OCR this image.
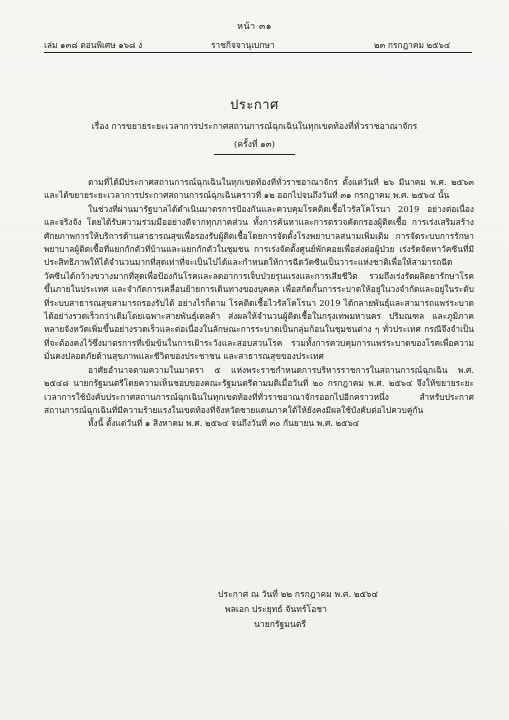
หน้า ๓๑
เล่ม ๑๓๘ ตอนพิเศษ ๑๖๘ ง	ราชกิจจานุเบกษา	๒๓ กรกฎาคม ๒๕๖๔
ประกาศ
เรื่อง การขยายระยะเวลาการประกาศสถานการณ์ฉุกเฉินในทุกเขตท้องที่ทั่วราชอาณาจักร
(ครั้งที่ ๑๓)

ตามที่ได้มีประกาศสถานการณ์ฉุกเฉินในทุกเขตท้องที่ทั่วราชอาณาจักร ตั้งแต่วันที่ ๒๖ มีนาคม พ.ศ. ๒๕๖๓ และได้ขยายระยะเวลาการประกาศสถานการณ์ฉุกเฉินคราวที่ ๑๒ ออกไปจนถึงวันที่ ๓๑ กรกฎาคม พ.ศ. ๒๕๖๔ นั้น

ในช่วงที่ผ่านมารัฐบาลได้ดำเนินมาตรการป้องกันและควบคุมโรคติดเชื้อไวรัสโคโรนา 2019 อย่างต่อเนื่องและจริงจัง โดยได้รับความร่วมมืออย่างดีจากทุกภาคส่วน ทั้งการค้นหาและการตรวจคัดกรองผู้ติดเชื้อ การเร่งเสริมสร้างศักยภาพการให้บริการด้านสาธารณสุขเพื่อรองรับผู้ติดเชื้อโดยการจัดตั้งโรงพยาบาลสนามเพิ่มเติม การจัดระบบการรักษาพยาบาลผู้ติดเชื้อที่แยกกักตัวที่บ้านและแยกกักตัวในชุมชน การเร่งจัดตั้งศูนย์พักคอยเพื่อส่งต่อผู้ป่วย เร่งรัดจัดหาวัคซีนที่มีประสิทธิภาพให้ได้จำนวนมากที่สุดเท่าที่จะเป็นไปได้และกำหนดให้การฉีดวัคซีนเป็นวาระแห่งชาติเพื่อให้สามารถฉีดวัคซีนได้กว้างขวางมากที่สุดเพื่อป้องกันโรคและลดอาการเจ็บป่วยรุนแรงและการเสียชีวิต รวมถึงเร่งรัดผลิตยารักษาโรคขึ้นภายในประเทศ และจำกัดการเคลื่อนย้ายการเดินทางของบุคคล เพื่อสกัดกั้นการระบาดให้อยู่ในวงจำกัดและอยู่ในระดับที่ระบบสาธารณสุขสามารถรองรับได้ อย่างไรก็ตาม โรคติดเชื้อไวรัสโคโรนา 2019 ได้กลายพันธุ์และสามารถแพร่ระบาดได้อย่างรวดเร็วกว่าเดิมโดยเฉพาะสายพันธุ์เดลต้า ส่งผลให้จำนวนผู้ติดเชื้อในกรุงเทพมหานคร ปริมณฑล และภูมิภาคหลายจังหวัดเพิ่มขึ้นอย่างรวดเร็วและต่อเนื่องในลักษณะการระบาดเป็นกลุ่มก้อนในชุมชนต่าง ๆ ทั่วประเทศ กรณีจึงจำเป็นที่จะต้องคงไว้ซึ่งมาตรการที่เข้มข้นในการเฝ้าระวังและสอบสวนโรค รวมทั้งการควบคุมการแพร่ระบาดของโรคเพื่อความมั่นคงปลอดภัยด้านสุขภาพและชีวิตของประชาชน และสาธารณสุขของประเทศ

อาศัยอำนาจตามความในมาตรา ๕ แห่งพระราชกำหนดการบริหารราชการในสถานการณ์ฉุกเฉิน พ.ศ. ๒๕๔๘ นายกรัฐมนตรีโดยความเห็นชอบของคณะรัฐมนตรีตามมติเมื่อวันที่ ๒๐ กรกฎาคม พ.ศ. ๒๕๖๔ จึงให้ขยายระยะเวลาการใช้บังคับประกาศสถานการณ์ฉุกเฉินในทุกเขตท้องที่ทั่วราชอาณาจักรออกไปอีกคราวหนึ่ง สำหรับประกาศสถานการณ์ฉุกเฉินที่มีความร้ายแรงในเขตท้องที่จังหวัดชายแดนภาคใต้ให้ยังคงมีผลใช้บังคับต่อไปควบคู่กัน

ทั้งนี้ ตั้งแต่วันที่ ๑ สิงหาคม พ.ศ. ๒๕๖๔ จนถึงวันที่ ๓๐ กันยายน พ.ศ. ๒๕๖๔

ประกาศ ณ วันที่ ๒๒ กรกฎาคม พ.ศ. ๒๕๖๔
พลเอก ประยุทธ์ จันทร์โอชา
นายกรัฐมนตรี
